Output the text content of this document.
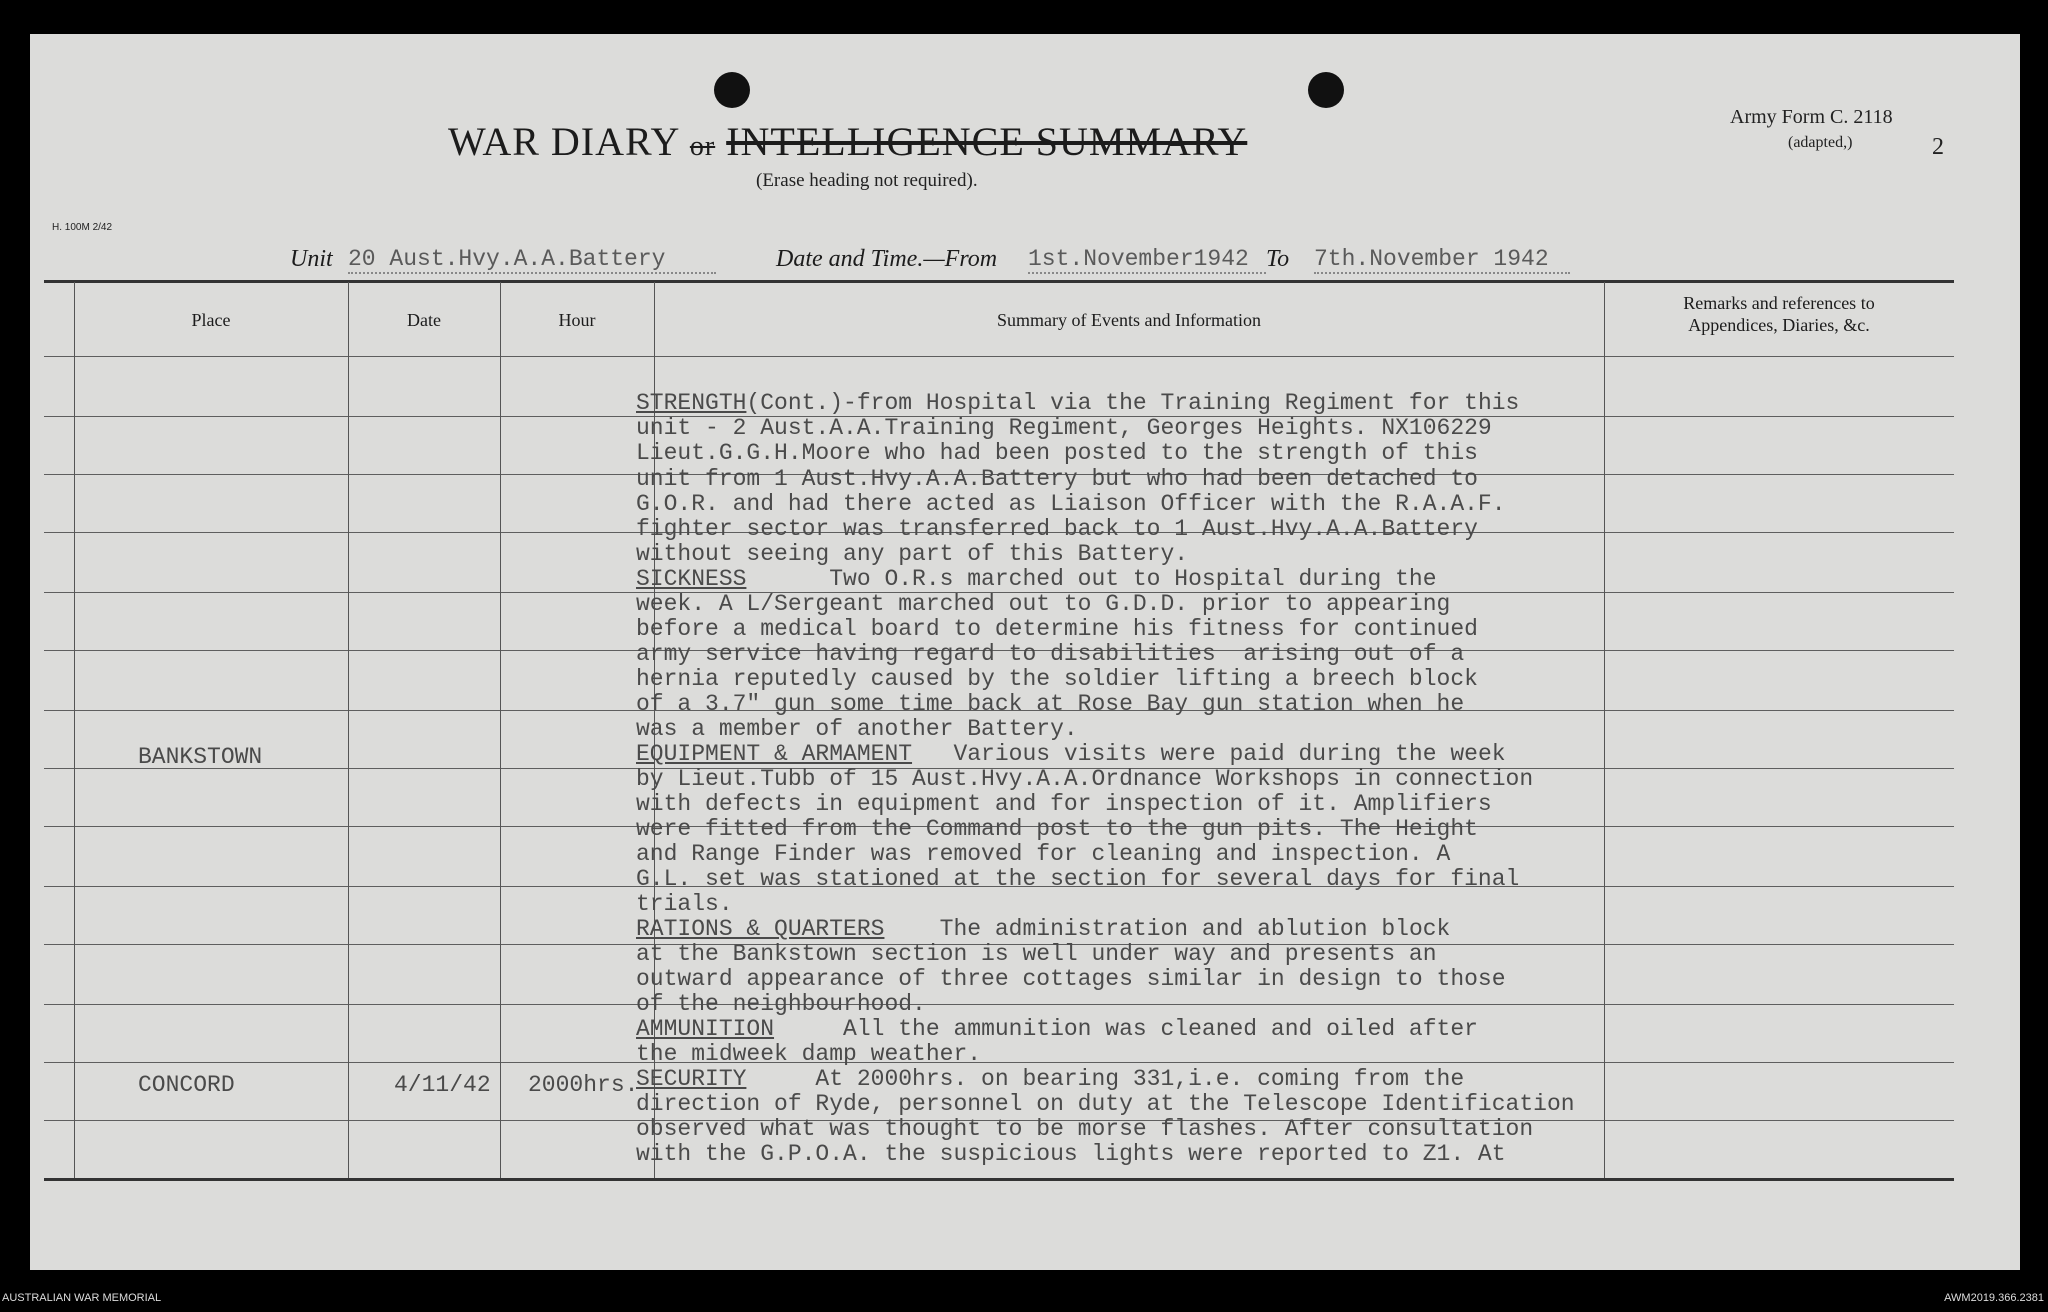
WAR DIARY or INTELLIGENCE SUMMARY
(Erase heading not required).
Army Form C. 2118
(adapted,)	2
H. 100M 2/42
Unit 20 Aust.Hvy.A.A.Battery	Date and Time.—From 1st.November1942 To 7th.November 1942
Place	Date	Hour	Summary of Events and Information
Remarks and references to
Appendices, Diaries, &c.
BANKSTOWN
CONCORD	4/11/42 2000hrs.
STRENGTH(Cont.)-from Hospital via the Training Regiment for this
unit - 2 Aust.A.A.Training Regiment, Georges Heights. NX106229
Lieut.G.G.H.Moore who had been posted to the strength of this
unit from 1 Aust.Hvy.A.A.Battery but who had been detached to
G.O.R. and had there acted as Liaison Officer with the R.A.A.F.
fighter sector was transferred back to 1 Aust.Hvy.A.A.Battery
without seeing any part of this Battery.
SICKNESS      Two O.R.s marched out to Hospital during the
week. A L/Sergeant marched out to G.D.D. prior to appearing
before a medical board to determine his fitness for continued
army service having regard to disabilities  arising out of a
hernia reputedly caused by the soldier lifting a breech block
of a 3.7" gun some time back at Rose Bay gun station when he
was a member of another Battery.
EQUIPMENT & ARMAMENT   Various visits were paid during the week
by Lieut.Tubb of 15 Aust.Hvy.A.A.Ordnance Workshops in connection
with defects in equipment and for inspection of it. Amplifiers
were fitted from the Command post to the gun pits. The Height
and Range Finder was removed for cleaning and inspection. A
G.L. set was stationed at the section for several days for final
trials.
RATIONS & QUARTERS    The administration and ablution block
at the Bankstown section is well under way and presents an
outward appearance of three cottages similar in design to those
of the neighbourhood.
AMMUNITION     All the ammunition was cleaned and oiled after
the midweek damp weather.
SECURITY     At 2000hrs. on bearing 331,i.e. coming from the
direction of Ryde, personnel on duty at the Telescope Identification
observed what was thought to be morse flashes. After consultation
with the G.P.O.A. the suspicious lights were reported to Z1. At
AUSTRALIAN WAR MEMORIAL	AWM2019.366.2381
